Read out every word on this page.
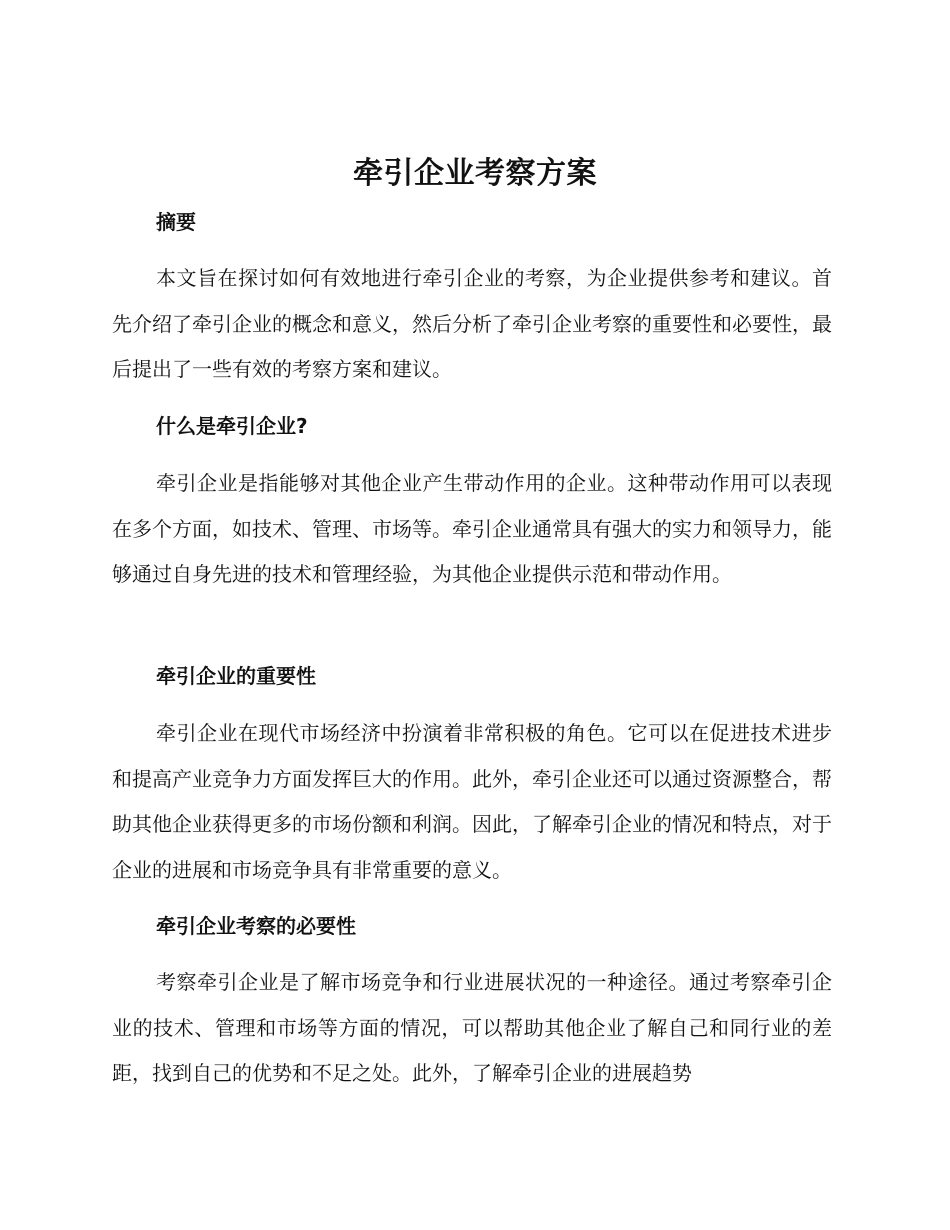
牵引企业考察方案
摘要

本文旨在探讨如何有效地进行牵引企业的考察，为企业提供参考和建议。首先介绍了牵引企业的概念和意义，然后分析了牵引企业考察的重要性和必要性，最后提出了一些有效的考察方案和建议。

什么是牵引企业?

牵引企业是指能够对其他企业产生带动作用的企业。这种带动作用可以表现在多个方面，如技术、管理、市场等。牵引企业通常具有强大的实力和领导力，能够通过自身先进的技术和管理经验，为其他企业提供示范和带动作用。

牵引企业的重要性

牵引企业在现代市场经济中扮演着非常积极的角色。它可以在促进技术进步和提高产业竞争力方面发挥巨大的作用。此外，牵引企业还可以通过资源整合，帮助其他企业获得更多的市场份额和利润。因此，了解牵引企业的情况和特点，对于企业的进展和市场竞争具有非常重要的意义。

牵引企业考察的必要性

考察牵引企业是了解市场竞争和行业进展状况的一种途径。通过考察牵引企业的技术、管理和市场等方面的情况，可以帮助其他企业了解自己和同行业的差距，找到自己的优势和不足之处。此外，了解牵引企业的进展趋势
